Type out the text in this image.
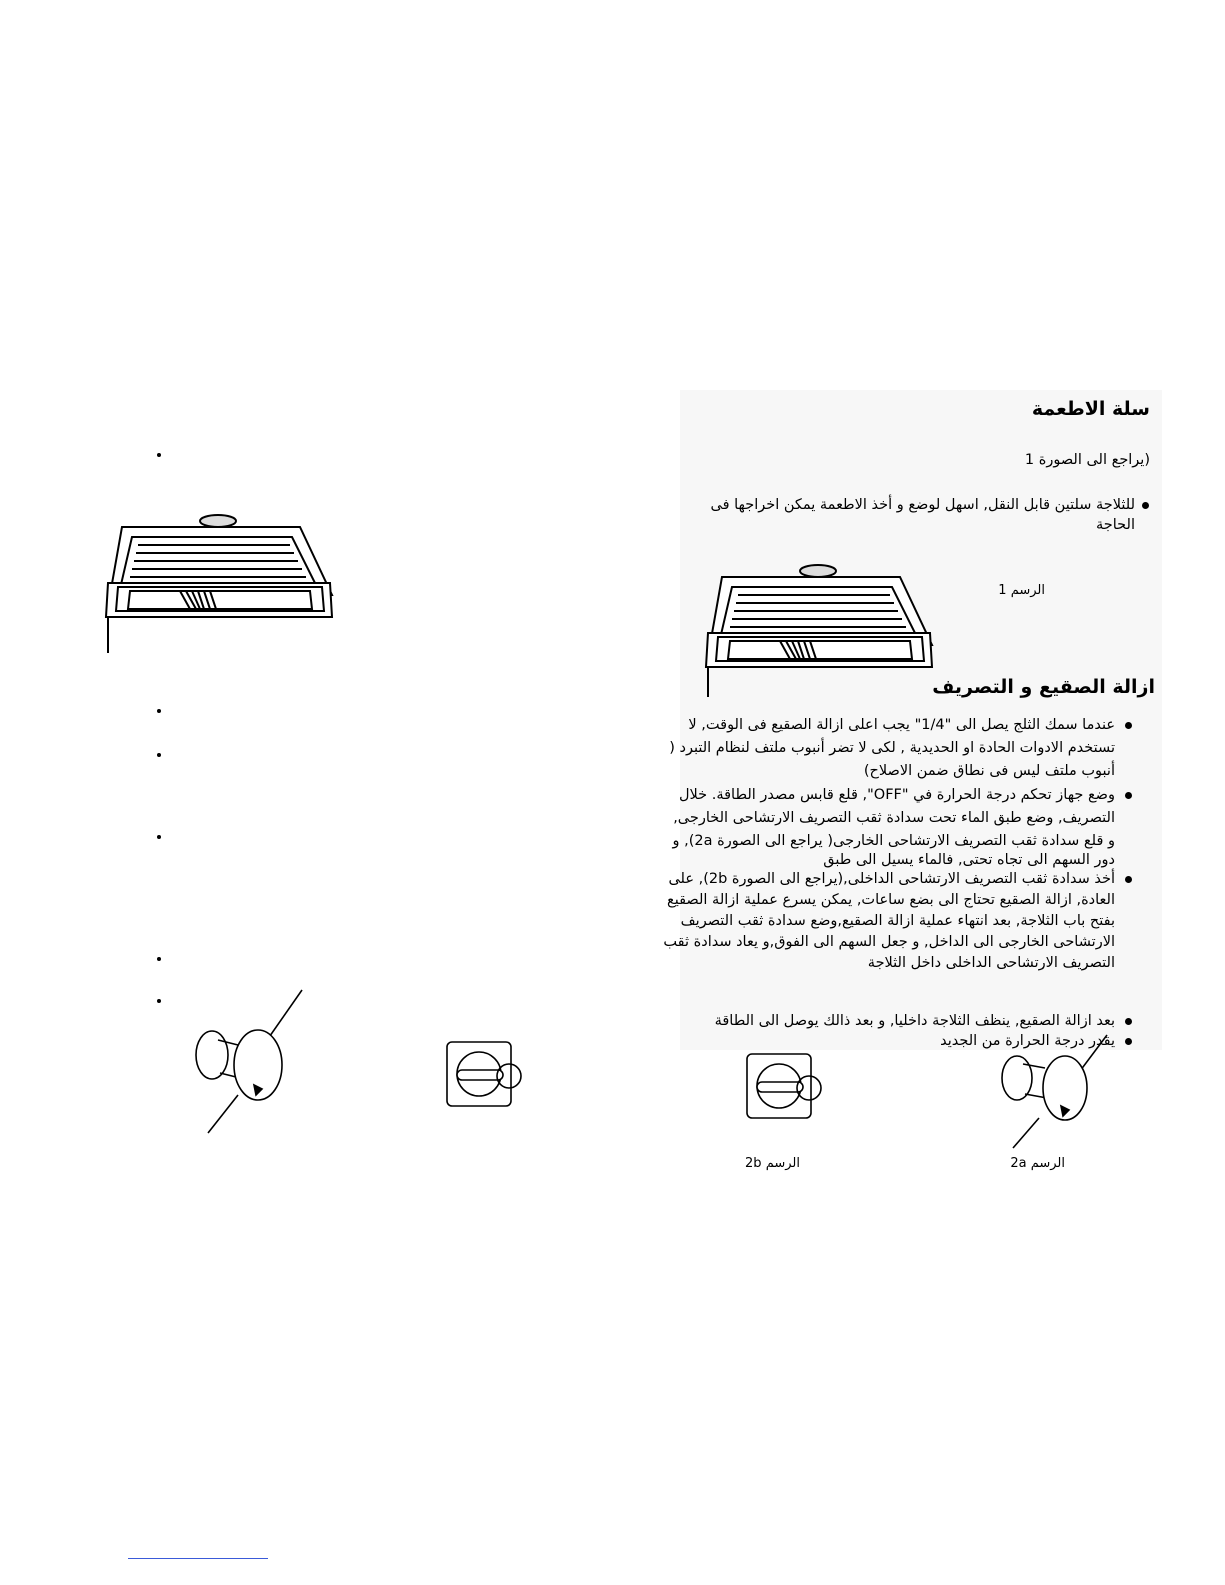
سلة الاطعمة
(يراجع الى الصورة 1
للثلاجة سلتين قابل النقل, اسهل لوضع و أخذ الاطعمة يمكن اخراجها فى
الحاجة
الرسم 1
ازالة الصقيع و التصريف
عندما سمك الثلج يصل الى "1/4" يجب اعلى ازالة الصقيع فى الوقت, لا
تستخدم الادوات الحادة او الحديدية , لكى لا تضر أنبوب ملتف لنظام التبرد (
أنبوب ملتف ليس فى نطاق ضمن الاصلاح)
وضع جهاز تحكم درجة الحرارة في "OFF", قلع قابس مصدر الطاقة. خلال
التصريف, وضع طبق الماء تحت سدادة ثقب التصريف الارتشاحى الخارجى,
و قلع سدادة ثقب التصريف الارتشاحى الخارجى( يراجع الى الصورة 2a), و
دور السهم الى تجاه تحتى, فالماء يسيل الى طبق
أخذ سدادة ثقب التصريف الارتشاحى الداخلى,(يراجع الى الصورة 2b), على
العادة, ازالة الصقيع تحتاج الى بضع ساعات, يمكن يسرع عملية ازالة الصقيع
بفتح باب الثلاجة, بعد انتهاء عملية ازالة الصقيع,وضع سدادة ثقب التصريف
الارتشاحى الخارجى الى الداخل, و جعل السهم الى الفوق,و يعاد سدادة ثقب
التصريف الارتشاحى الداخلى داخل الثلاجة
بعد ازالة الصقيع, ينظف الثلاجة داخليا, و بعد ذالك يوصل الى الطاقة
يقدر درجة الحرارة من الجديد
الرسم 2b	الرسم 2a
